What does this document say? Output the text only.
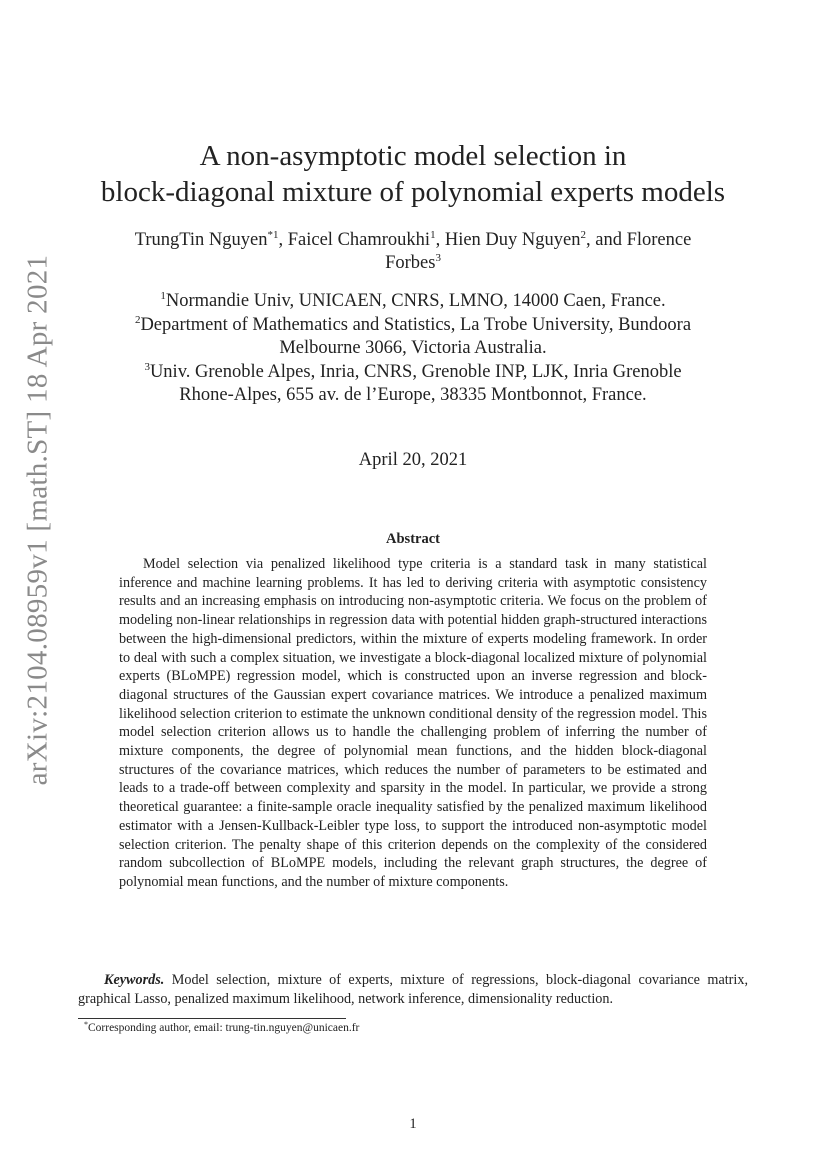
arXiv:2104.08959v1 [math.ST] 18 Apr 2021
A non-asymptotic model selection in
block-diagonal mixture of polynomial experts models
TrungTin Nguyen$^{*1}$, Faicel Chamroukhi$^1$, Hien Duy Nguyen$^2$, and Florence
Forbes$^3$
$^1$Normandie Univ, UNICAEN, CNRS, LMNO, 14000 Caen, France.
$^2$Department of Mathematics and Statistics, La Trobe University, Bundoora
Melbourne 3066, Victoria Australia.
$^3$Univ. Grenoble Alpes, Inria, CNRS, Grenoble INP, LJK, Inria Grenoble
Rhone-Alpes, 655 av. de l’Europe, 38335 Montbonnot, France.
April 20, 2021
Abstract
Model selection via penalized likelihood type criteria is a standard task in many statistical inference and machine learning problems. It has led to deriving criteria with asymptotic consistency results and an increasing emphasis on introducing non-asymptotic criteria. We focus on the problem of modeling non-linear relationships in regression data with potential hidden graph-structured interactions between the high-dimensional predictors, within the mixture of experts modeling framework. In order to deal with such a complex situation, we investigate a block-diagonal localized mixture of polynomial experts (BLoMPE) regression model, which is constructed upon an inverse regression and block-diagonal structures of the Gaussian expert covariance matrices. We introduce a penalized maximum likelihood selection criterion to estimate the unknown conditional density of the regression model. This model selection criterion allows us to handle the challenging problem of inferring the number of mixture components, the degree of polynomial mean functions, and the hidden block-diagonal structures of the covariance matrices, which reduces the number of parameters to be estimated and leads to a trade-off between complexity and sparsity in the model. In particular, we provide a strong theoretical guarantee: a finite-sample oracle inequality satisfied by the penalized maximum likelihood estimator with a Jensen-Kullback-Leibler type loss, to support the introduced non-asymptotic model selection criterion. The penalty shape of this criterion depends on the complexity of the considered random subcollection of BLoMPE models, including the relevant graph structures, the degree of polynomial mean functions, and the number of mixture components.
Keywords. Model selection, mixture of experts, mixture of regressions, block-diagonal covariance matrix, graphical Lasso, penalized maximum likelihood, network inference, dimensionality reduction.
*Corresponding author, email: trung-tin.nguyen@unicaen.fr
1
